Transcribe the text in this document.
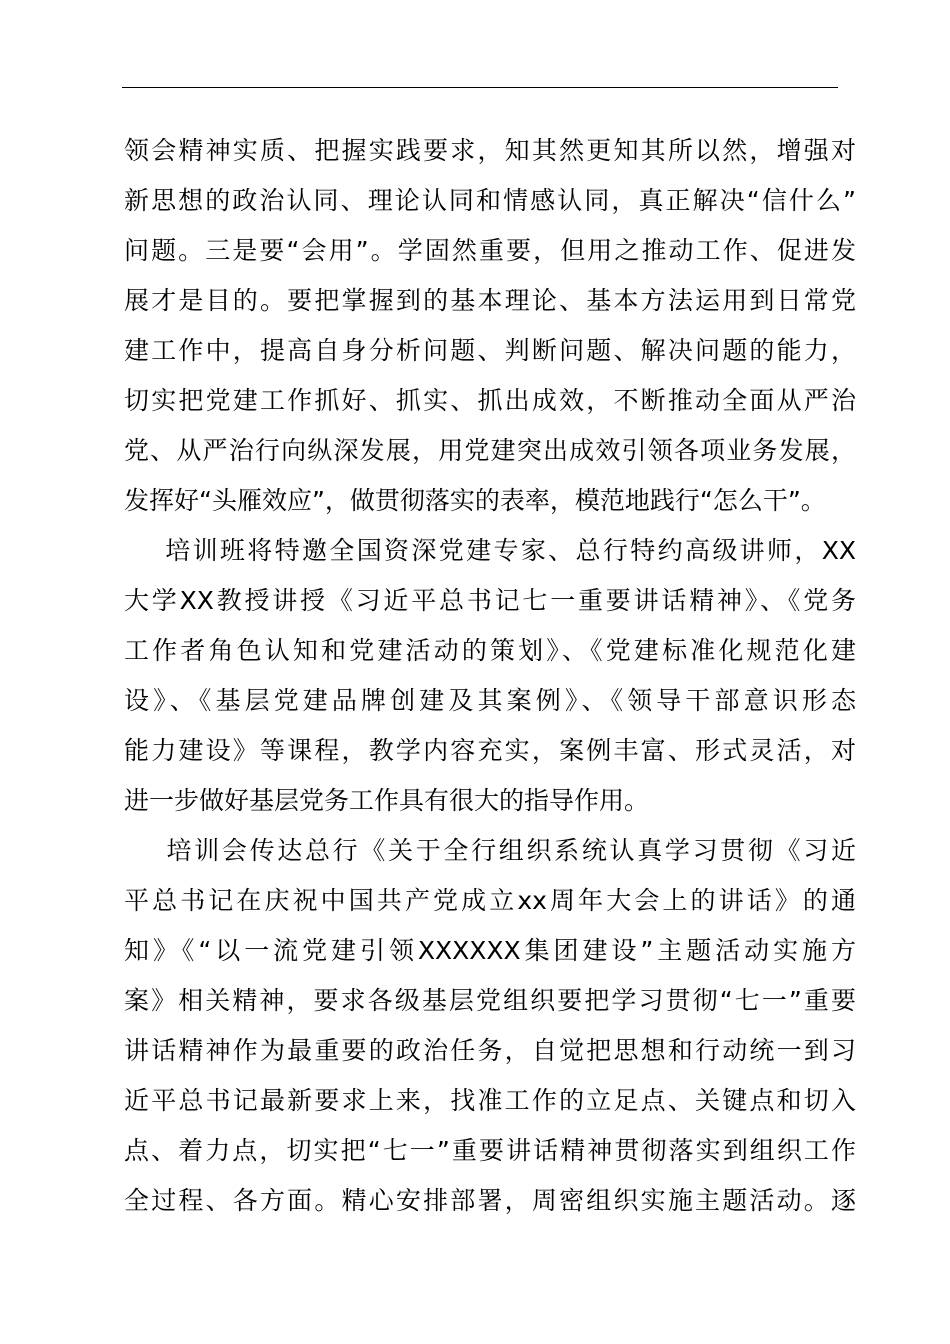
领会精神实质、把握实践要求，知其然更知其所以然，增强对
新思想的政治认同、理论认同和情感认同，真正解决“信什么”
问题。三是要“会用”。学固然重要，但用之推动工作、促进发
展才是目的。要把掌握到的基本理论、基本方法运用到日常党
建工作中，提高自身分析问题、判断问题、解决问题的能力，
切实把党建工作抓好、抓实、抓出成效，不断推动全面从严治
党、从严治行向纵深发展，用党建突出成效引领各项业务发展，
发挥好“头雁效应”，做贯彻落实的表率，模范地践行“怎么干”。
培训班将特邀全国资深党建专家、总行特约高级讲师，XX
大学XX教授讲授《习近平总书记七一重要讲话精神》、《党务
工作者角色认知和党建活动的策划》、《党建标准化规范化建
设》、《基层党建品牌创建及其案例》、《领导干部意识形态
能力建设》等课程，教学内容充实，案例丰富、形式灵活，对
进一步做好基层党务工作具有很大的指导作用。
培训会传达总行《关于全行组织系统认真学习贯彻《习近
平总书记在庆祝中国共产党成立xx周年大会上的讲话》的通
知》《“以一流党建引领XXXXXX集团建设”主题活动实施方
案》相关精神，要求各级基层党组织要把学习贯彻“七一”重要
讲话精神作为最重要的政治任务，自觉把思想和行动统一到习
近平总书记最新要求上来，找准工作的立足点、关键点和切入
点、着力点，切实把“七一”重要讲话精神贯彻落实到组织工作
全过程、各方面。精心安排部署，周密组织实施主题活动。逐
